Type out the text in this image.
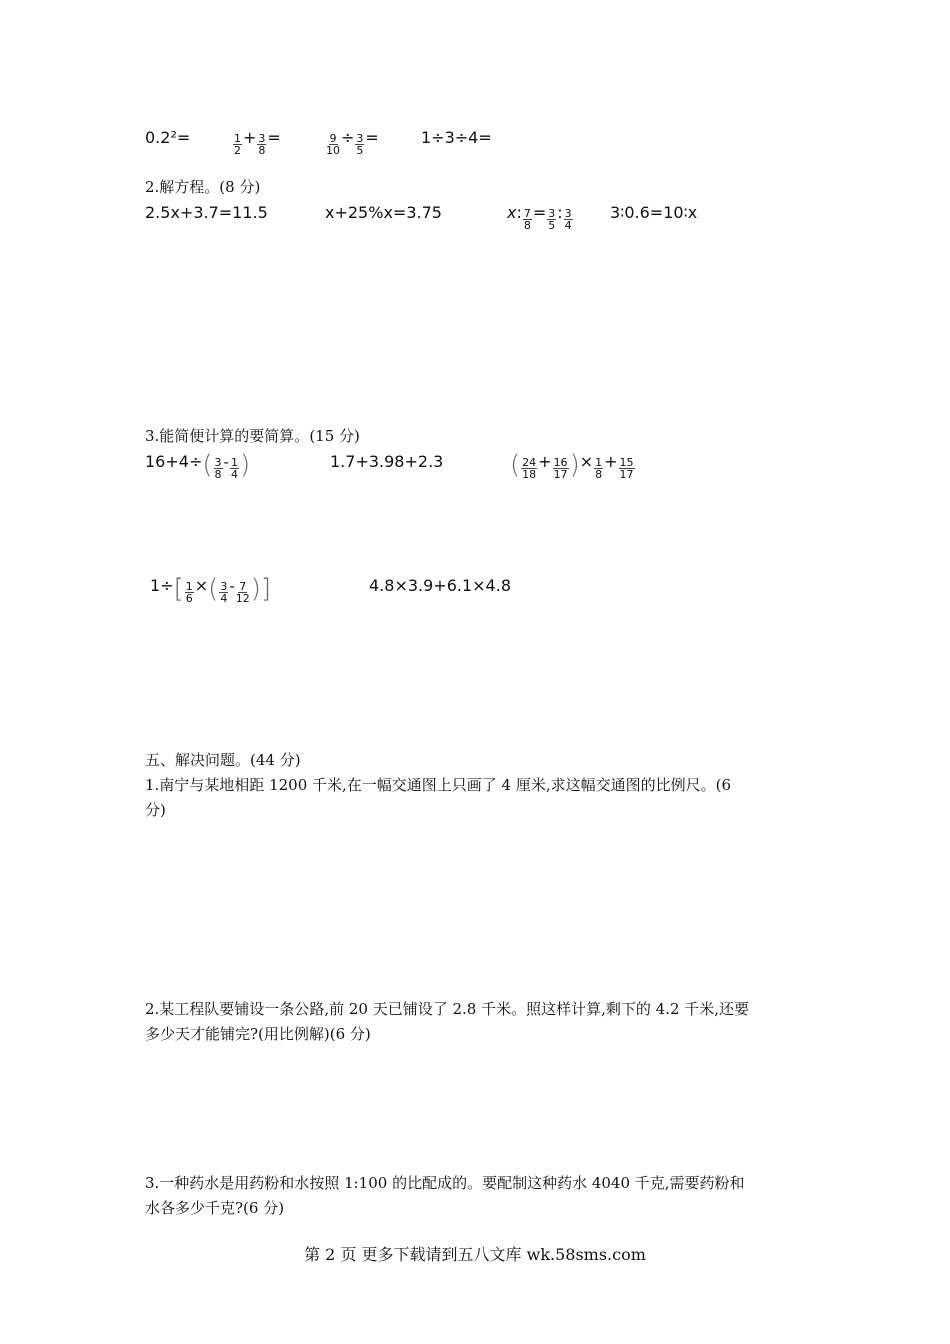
0.2²=	$\frac{1}{2} + \frac{3}{8}$ =	$\frac{9}{10} \div \frac{3}{5}$ =	1÷3÷4=
2.解方程。(8 分)
2.5x+3.7=11.5	x+25%x=3.75	x: $\frac{7}{8} = \frac{3}{5}$ : $\frac{3}{4}$ 3∶0.6=10∶x
3.能简便计算的要简算。(15 分)
$16+4\div( \frac{3}{8} - \frac{1}{4}$ )	1.7+3.98+2.3	( $\frac{24}{18} + \frac{16}{17}$ )× $\frac{1}{8} + \frac{15}{17}$
$1\div[ \frac{1}{6}$ ×( $\frac{3}{4} - \frac{7}{12}$ )]	4.8×3.9+6.1×4.8
五、解决问题。(44 分)
1.南宁与某地相距 1200 千米,在一幅交通图上只画了 4 厘米,求这幅交通图的比例尺。(6
分)
2.某工程队要铺设一条公路,前 20 天已铺设了 2.8 千米。照这样计算,剩下的 4.2 千米,还要
多少天才能铺完?(用比例解)(6 分)
3.一种药水是用药粉和水按照 1:100 的比配成的。要配制这种药水 4040 千克,需要药粉和
水各多少千克?(6 分)
第 2 页 更多下载请到五八文库 wk.58sms.com
